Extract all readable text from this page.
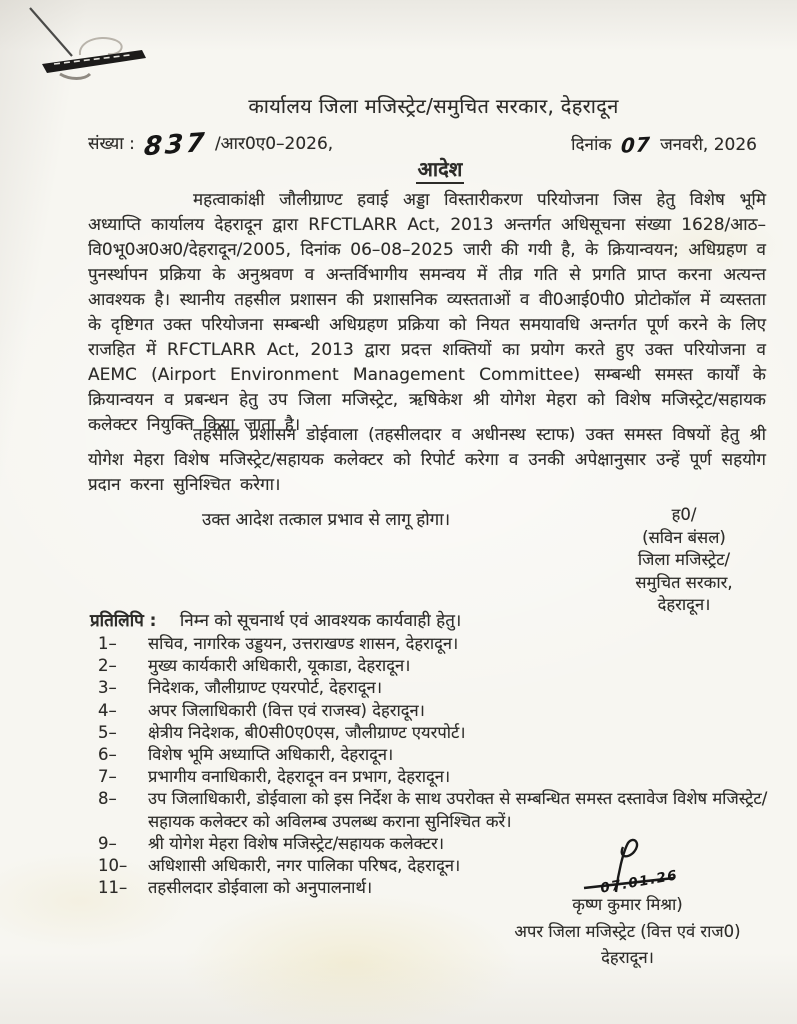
कार्यालय जिला मजिस्ट्रेट/समुचित सरकार, देहरादून
संख्या : 837 /आर0ए0–2026,	दिनांक 07 जनवरी, 2026
आदेश

महत्वाकांक्षी जौलीग्राण्ट हवाई अड्डा विस्तारीकरण परियोजना जिस हेतु विशेष भूमि अध्याप्ति कार्यालय देहरादून द्वारा RFCTLARR Act, 2013 अन्तर्गत अधिसूचना संख्या 1628/आठ–वि0भू0अ0अ0/देहरादून/2005, दिनांक 06–08–2025 जारी की गयी है, के क्रियान्वयन; अधिग्रहण व पुनर्स्थापन प्रक्रिया के अनुश्रवण व अन्तर्विभागीय समन्वय में तीव्र गति से प्रगति प्राप्त करना अत्यन्त आवश्यक है। स्थानीय तहसील प्रशासन की प्रशासनिक व्यस्तताओं व वी0आई0पी0 प्रोटोकॉल में व्यस्तता के दृष्टिगत उक्त परियोजना सम्बन्धी अधिग्रहण प्रक्रिया को नियत समयावधि अन्तर्गत पूर्ण करने के लिए राजहित में RFCTLARR Act, 2013 द्वारा प्रदत्त शक्तियों का प्रयोग करते हुए उक्त परियोजना व AEMC (Airport Environment Management Committee) सम्बन्धी समस्त कार्यों के क्रियान्वयन व प्रबन्धन हेतु उप जिला मजिस्ट्रेट, ऋषिकेश श्री योगेश मेहरा को विशेष मजिस्ट्रेट/सहायक कलेक्टर नियुक्ति किया जाता है।

तहसील प्रशासन डोईवाला (तहसीलदार व अधीनस्थ स्टाफ) उक्त समस्त विषयों हेतु श्री योगेश मेहरा विशेष मजिस्ट्रेट/सहायक कलेक्टर को रिपोर्ट करेगा व उनकी अपेक्षानुसार उन्हें पूर्ण सहयोग प्रदान करना सुनिश्चित करेगा।

उक्त आदेश तत्काल प्रभाव से लागू होगा।	ह0/
(सविन बंसल)
जिला मजिस्ट्रेट/
समुचित सरकार,
देहरादून।
प्रतिलिपि : निम्न को सूचनार्थ एवं आवश्यक कार्यवाही हेतु।
1–	सचिव, नागरिक उड्डयन, उत्तराखण्ड शासन, देहरादून।
2–	मुख्य कार्यकारी अधिकारी, यूकाडा, देहरादून।
3–	निदेशक, जौलीग्राण्ट एयरपोर्ट, देहरादून।
4–	अपर जिलाधिकारी (वित्त एवं राजस्व) देहरादून।
5–	क्षेत्रीय निदेशक, बी0सी0ए0एस, जौलीग्राण्ट एयरपोर्ट।
6–	विशेष भूमि अध्याप्ति अधिकारी, देहरादून।
7–	प्रभागीय वनाधिकारी, देहरादून वन प्रभाग, देहरादून।
8–	उप जिलाधिकारी, डोईवाला को इस निर्देश के साथ उपरोक्त से सम्बन्धित समस्त दस्तावेज विशेष मजिस्ट्रेट/सहायक कलेक्टर को अविलम्ब उपलब्ध कराना सुनिश्चित करें।
9–	श्री योगेश मेहरा विशेष मजिस्ट्रेट/सहायक कलेक्टर।
10–	अधिशासी अधिकारी, नगर पालिका परिषद, देहरादून।
11–	तहसीलदार डोईवाला को अनुपालनार्थ।	07.01.26
कृष्ण कुमार मिश्रा)
अपर जिला मजिस्ट्रेट (वित्त एवं राज0)
देहरादून।
